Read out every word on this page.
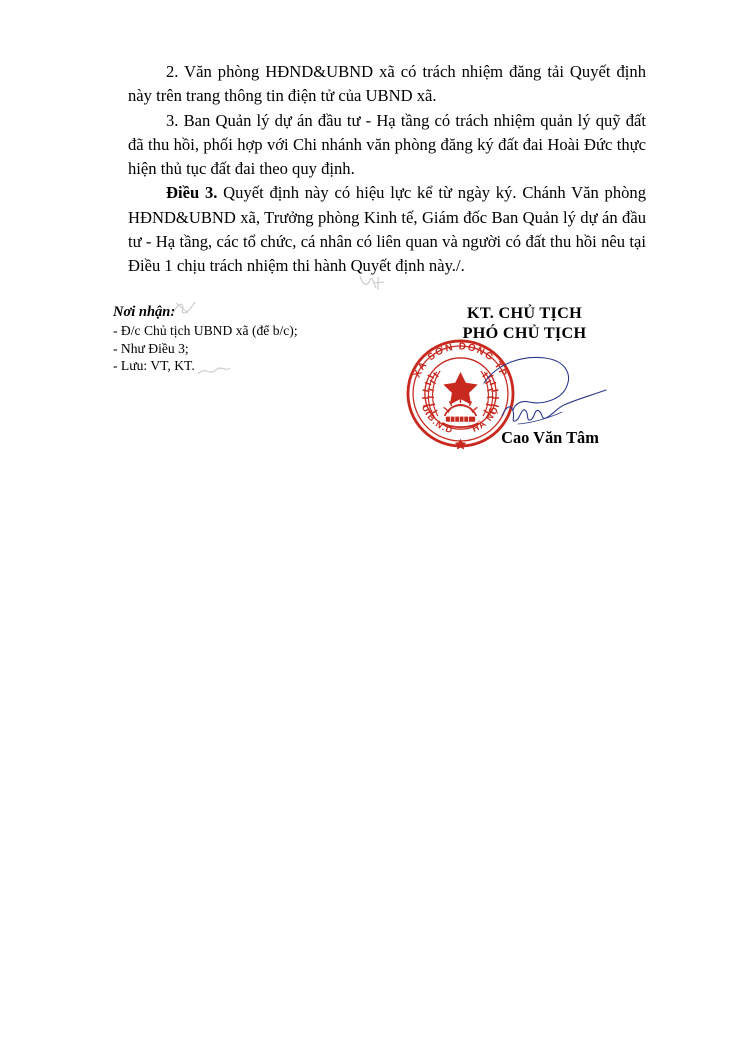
2. Văn phòng HĐND&UBND xã có trách nhiệm đăng tải Quyết định này trên trang thông tin điện tử của UBND xã.

3. Ban Quản lý dự án đầu tư - Hạ tầng có trách nhiệm quản lý quỹ đất đã thu hồi, phối hợp với Chi nhánh văn phòng đăng ký đất đai Hoài Đức thực hiện thủ tục đất đai theo quy định.

Điều 3. Quyết định này có hiệu lực kể từ ngày ký. Chánh Văn phòng HĐND&UBND xã, Trưởng phòng Kinh tế, Giám đốc Ban Quản lý dự án đầu tư - Hạ tầng, các tổ chức, cá nhân có liên quan và người có đất thu hồi nêu tại Điều 1 chịu trách nhiệm thi hành Quyết định này./.

Nơi nhận:

- Đ/c Chủ tịch UBND xã (để b/c);
- Như Điều 3;
- Lưu: VT, KT.

KT. CHỦ TỊCH

PHÓ CHỦ TỊCH

XÃ SƠN ĐỒNG TP
U.B.N.D HÀ NỘI
Cao Văn Tâm
